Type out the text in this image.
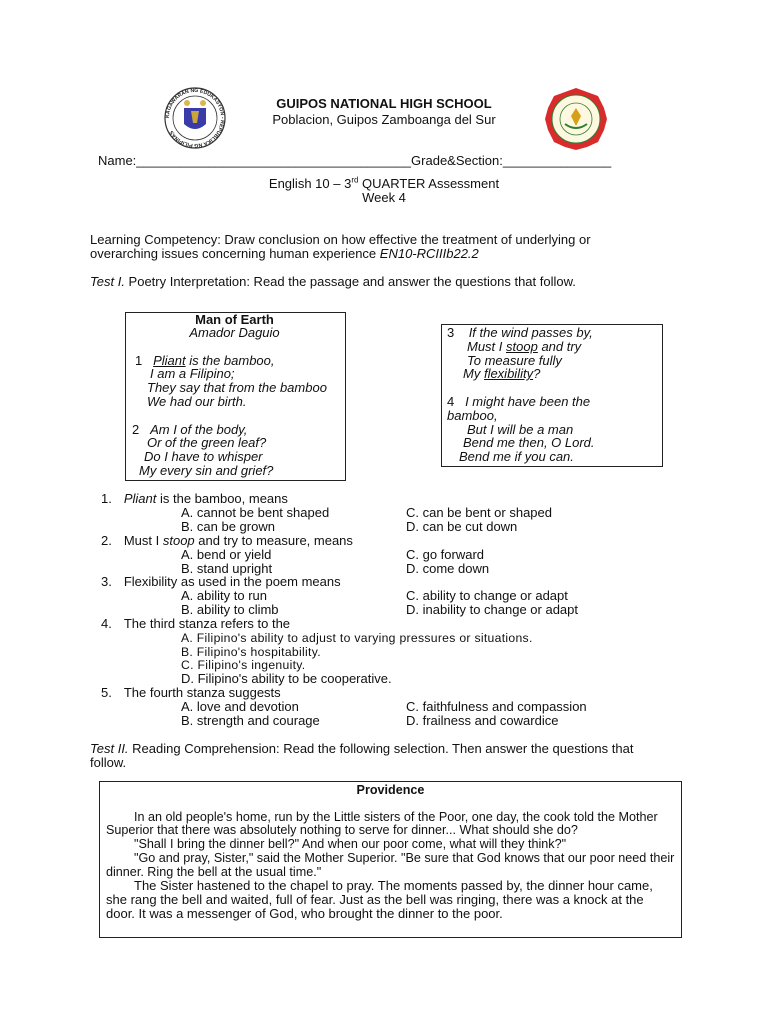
KAGAWARAN NG EDUKASYON - REPUBLIKA NG PILIPINAS
GUIPOS NATIONAL HIGH SCHOOL
Poblacion, Guipos Zamboanga del Sur
Name:______________________________________Grade&Section:_______________
English 10 – 3rd QUARTER Assessment
Week 4
Learning Competency: Draw conclusion on how effective the treatment of underlying or
overarching issues concerning human experience EN10-RCIIIb22.2
Test I. Poetry Interpretation: Read the passage and answer the questions that follow.
Man of Earth
Amador Daguio
1 Pliant is the bamboo,
I am a Filipino;
They say that from the bamboo
We had our birth.
2 Am I of the body,
Or of the green leaf?
Do I have to whisper
My every sin and grief?
3 If the wind passes by,
Must I stoop and try
To measure fully
My flexibility?
4 I might have been the
bamboo,
But I will be a man
Bend me then, O Lord.
Bend me if you can.
1. Pliant is the bamboo, means
A. cannot be bent shaped
B. can be grown
C. can be bent or shaped
D. can be cut down
2. Must I stoop and try to measure, means
A. bend or yield
B. stand upright
C. go forward
D. come down
3. Flexibility as used in the poem means
A. ability to run
B. ability to climb
C. ability to change or adapt
D. inability to change or adapt
4. The third stanza refers to the
A. Filipino's ability to adjust to varying pressures or situations.
B. Filipino's hospitability.
C. Filipino's ingenuity.
D. Filipino's ability to be cooperative.
5. The fourth stanza suggests
A. love and devotion
B. strength and courage
C. faithfulness and compassion
D. frailness and cowardice
Test II. Reading Comprehension: Read the following selection. Then answer the questions that
follow.

Providence

In an old people's home, run by the Little sisters of the Poor, one day, the cook told the Mother Superior that there was absolutely nothing to serve for dinner... What should she do?

"Shall I bring the dinner bell?" And when our poor come, what will they think?"

"Go and pray, Sister," said the Mother Superior. "Be sure that God knows that our poor need their dinner. Ring the bell at the usual time."

The Sister hastened to the chapel to pray. The moments passed by, the dinner hour came, she rang the bell and waited, full of fear. Just as the bell was ringing, there was a knock at the door. It was a messenger of God, who brought the dinner to the poor.
